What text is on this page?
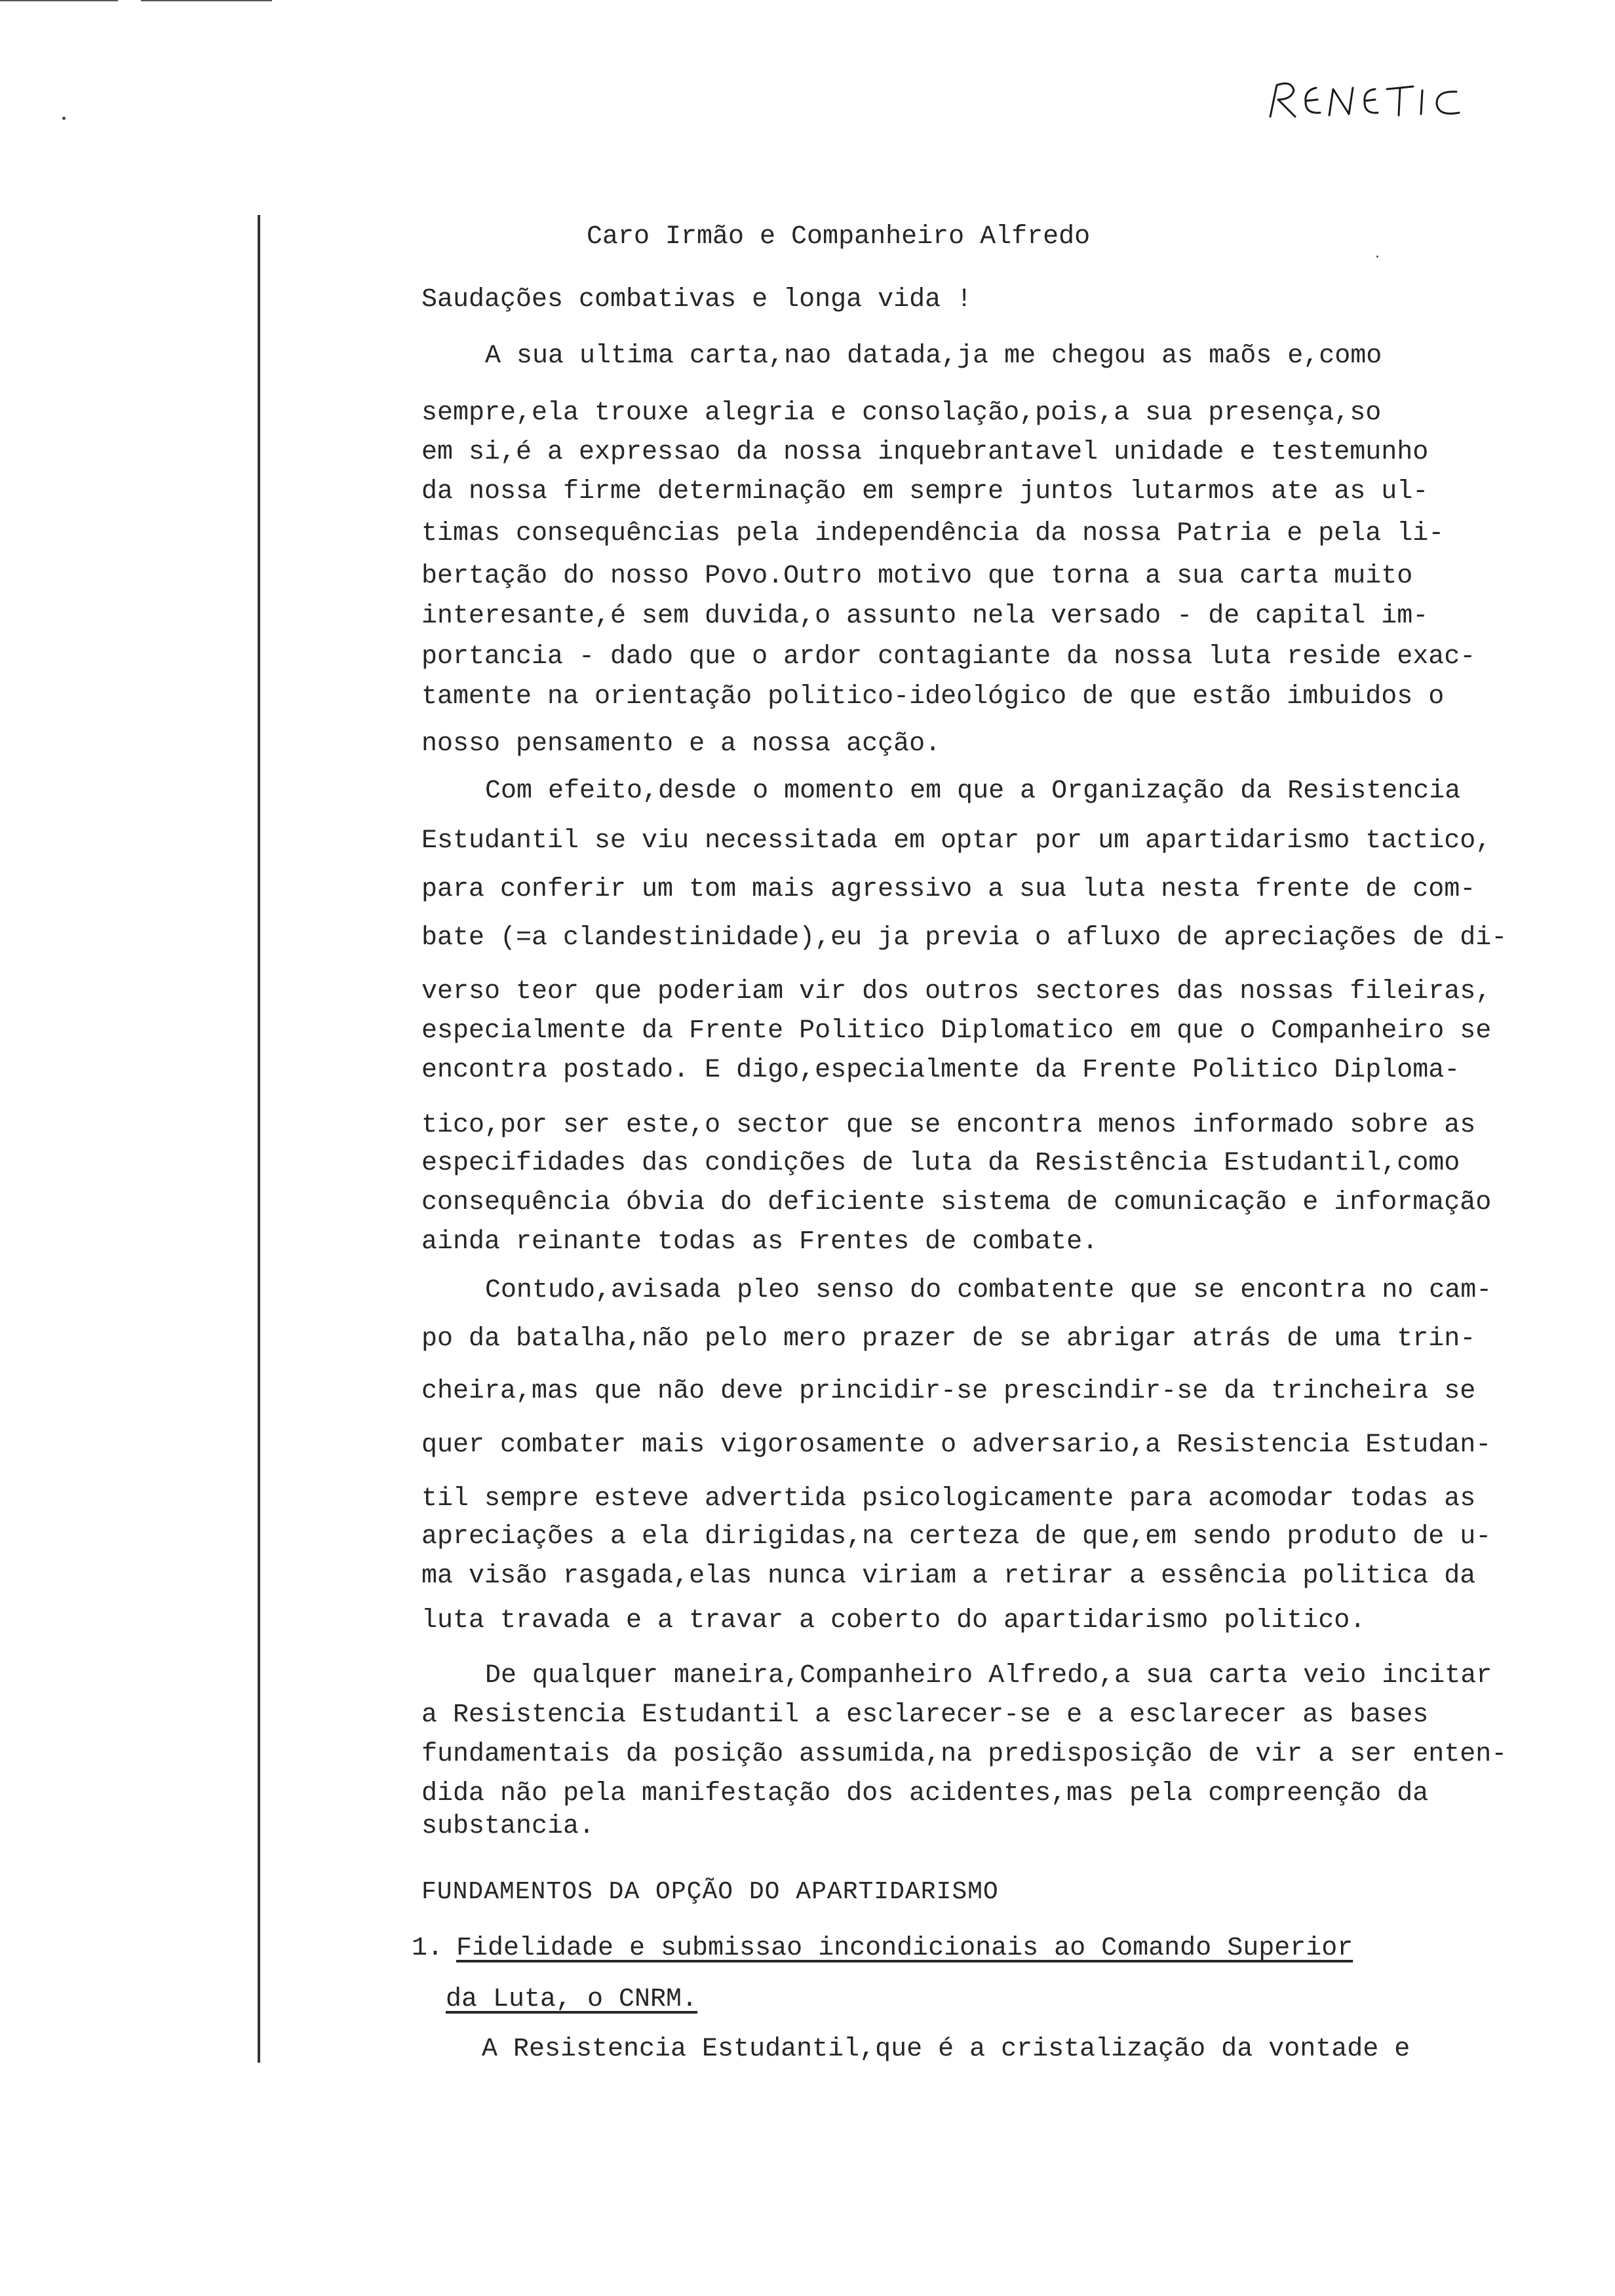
Caro Irmão e Companheiro Alfredo

Saudações combativas e longa vida !

A sua ultima carta,nao datada,ja me chegou as maõs e,como

sempre,ela trouxe alegria e consolação,pois,a sua presença,so

em si,é a expressao da nossa inquebrantavel unidade e testemunho

da nossa firme determinação em sempre juntos lutarmos ate as ul-

timas consequências pela independência da nossa Patria e pela li-

bertação do nosso Povo.Outro motivo que torna a sua carta muito

interesante,é sem duvida,o assunto nela versado - de capital im-

portancia - dado que o ardor contagiante da nossa luta reside exac-

tamente na orientação politico-ideológico de que estão imbuidos o

nosso pensamento e a nossa acção.

Com efeito,desde o momento em que a Organização da Resistencia

Estudantil se viu necessitada em optar por um apartidarismo tactico,

para conferir um tom mais agressivo a sua luta nesta frente de com-

bate (=a clandestinidade),eu ja previa o afluxo de apreciações de di-

verso teor que poderiam vir dos outros sectores das nossas fileiras,

especialmente da Frente Politico Diplomatico em que o Companheiro se

encontra postado. E digo,especialmente da Frente Politico Diploma-

tico,por ser este,o sector que se encontra menos informado sobre as

especifidades das condições de luta da Resistência Estudantil,como

consequência óbvia do deficiente sistema de comunicação e informação

ainda reinante todas as Frentes de combate.

Contudo,avisada pleo senso do combatente que se encontra no cam-

po da batalha,não pelo mero prazer de se abrigar atrás de uma trin-

cheira,mas que não deve princidir-se prescindir-se da trincheira se

quer combater mais vigorosamente o adversario,a Resistencia Estudan-

til sempre esteve advertida psicologicamente para acomodar todas as

apreciações a ela dirigidas,na certeza de que,em sendo produto de u-

ma visão rasgada,elas nunca viriam a retirar a essência politica da

luta travada e a travar a coberto do apartidarismo politico.

De qualquer maneira,Companheiro Alfredo,a sua carta veio incitar

a Resistencia Estudantil a esclarecer-se e a esclarecer as bases

fundamentais da posição assumida,na predisposição de vir a ser enten-

dida não pela manifestação dos acidentes,mas pela compreenção da

substancia.

FUNDAMENTOS DA OPÇÃO DO APARTIDARISMO

1. Fidelidade e submissao incondicionais ao Comando Superior

da Luta, o CNRM.

A Resistencia Estudantil,que é a cristalização da vontade e
